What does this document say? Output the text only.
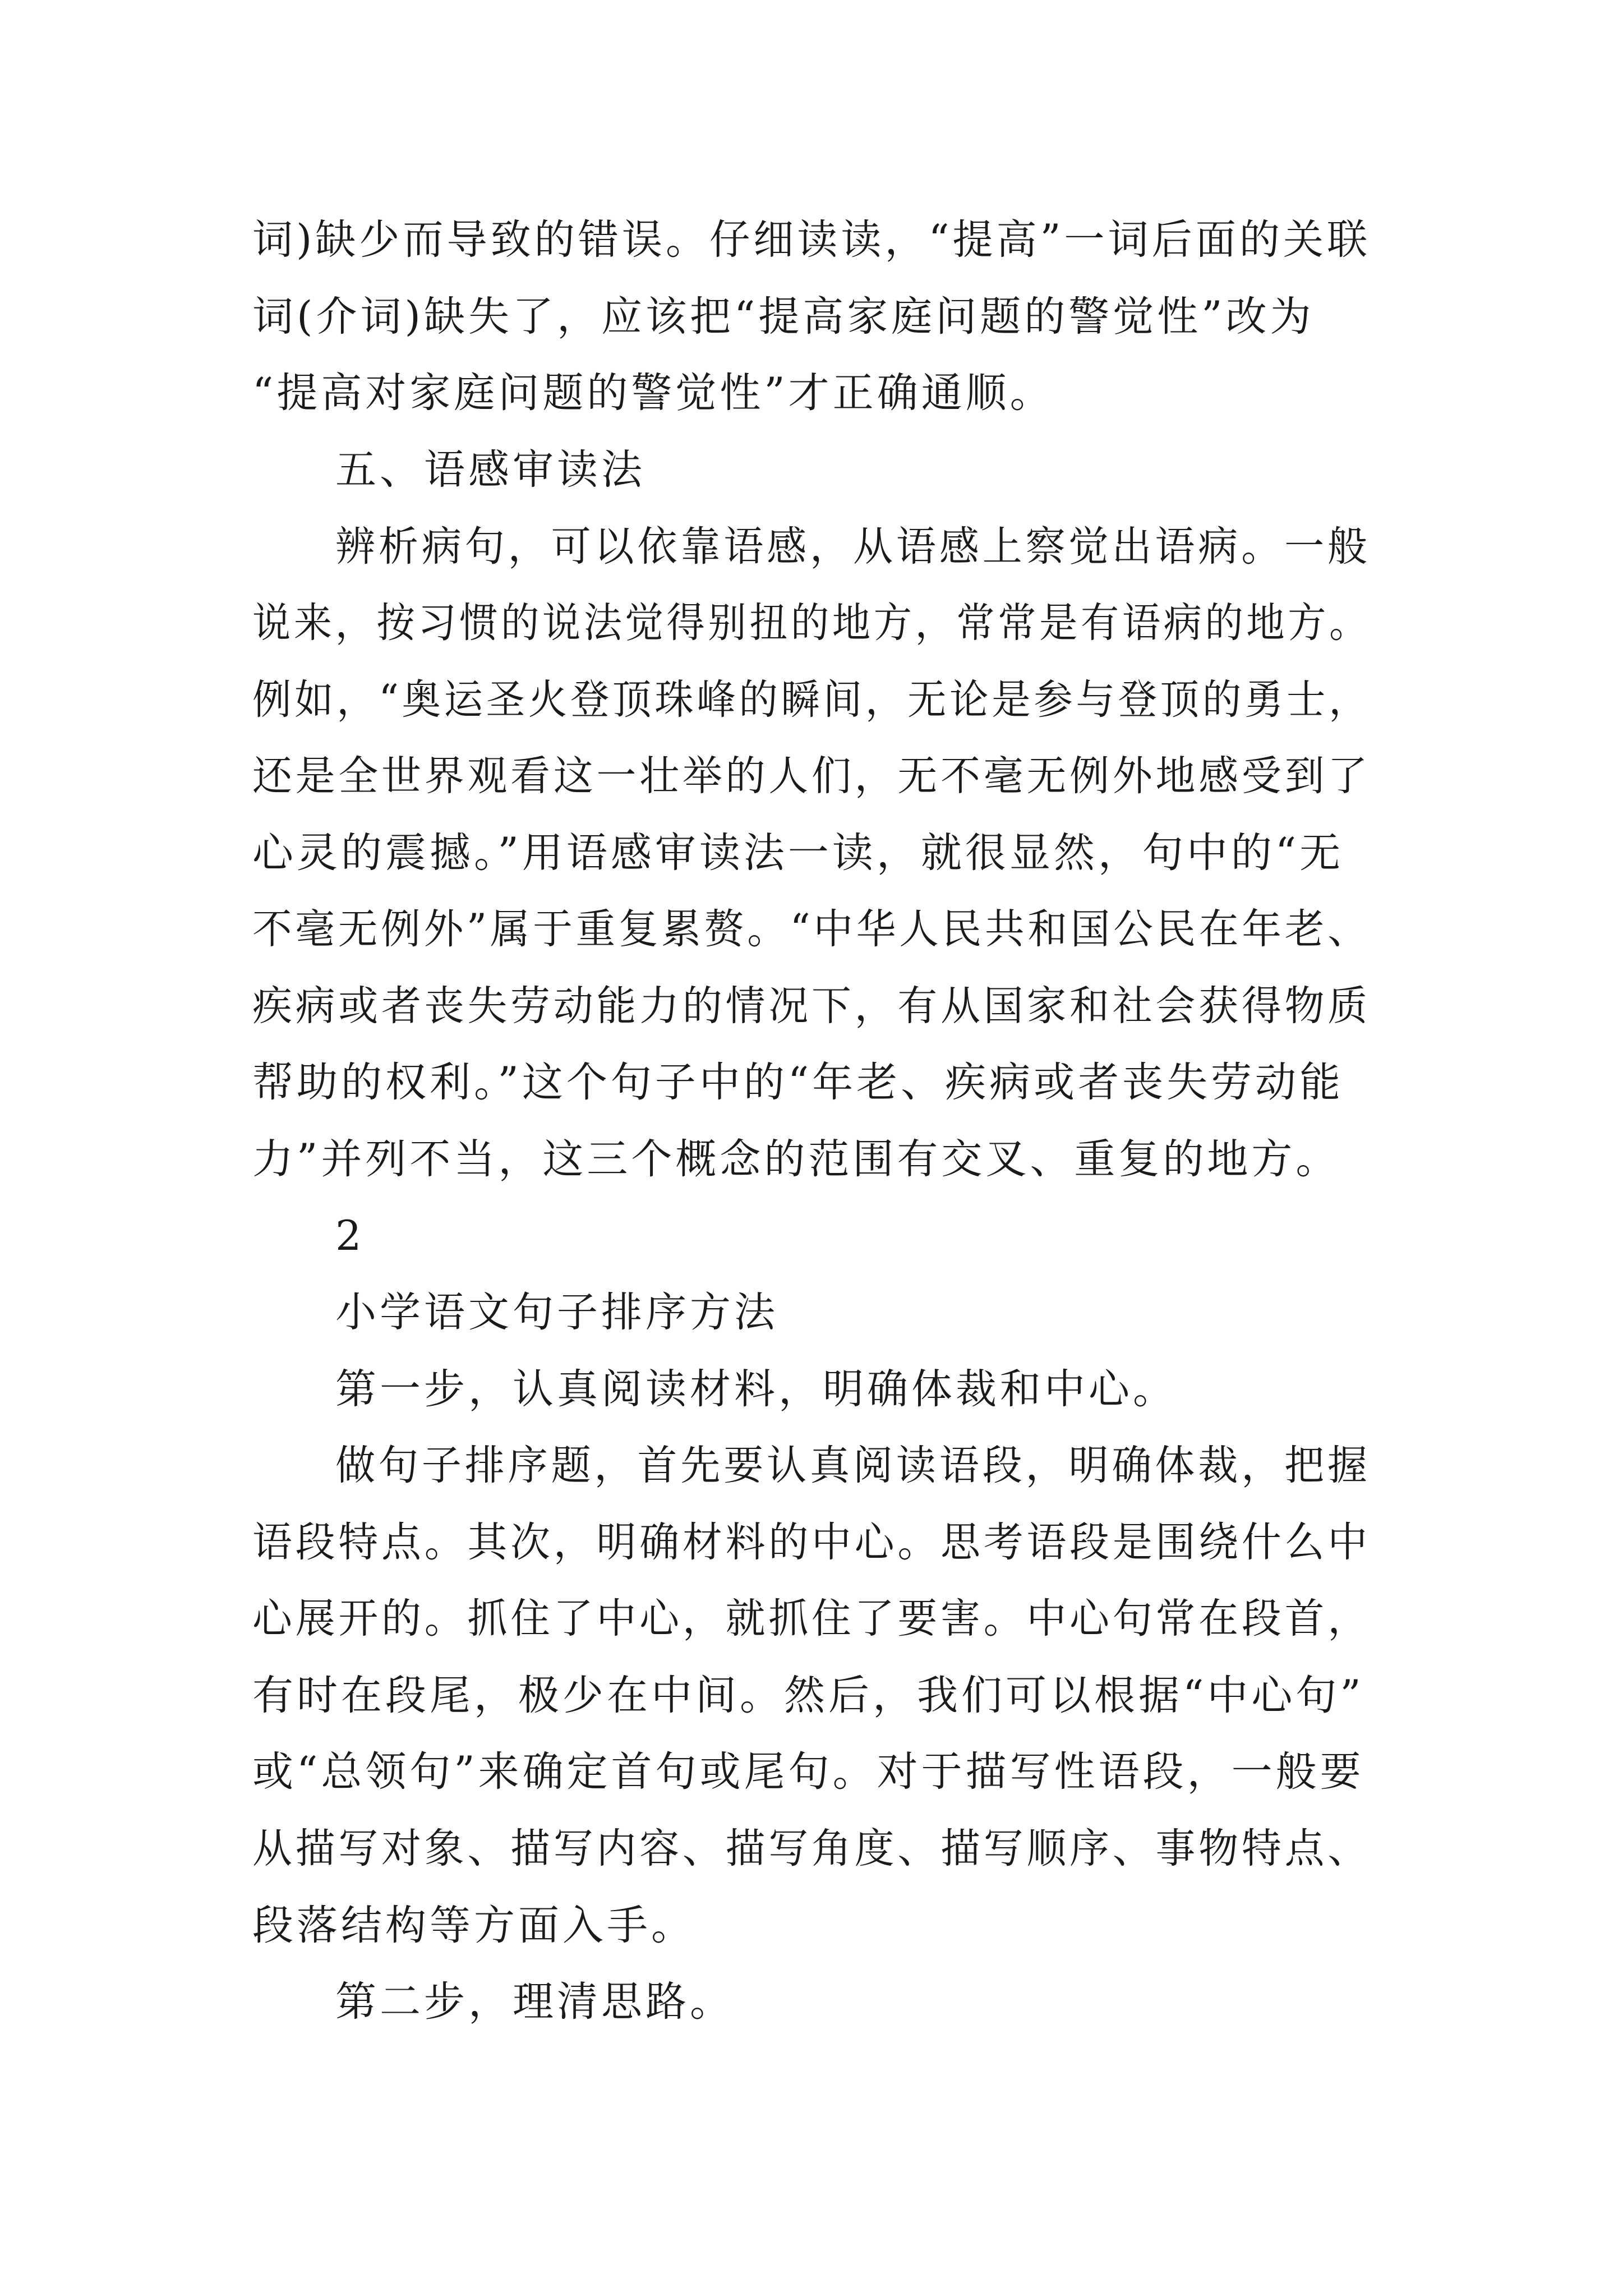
词)缺少而导致的错误。仔细读读，“提高”一词后面的关联
词(介词)缺失了，应该把“提高家庭问题的警觉性”改为
“提高对家庭问题的警觉性”才正确通顺。
五、语感审读法
辨析病句，可以依靠语感，从语感上察觉出语病。一般
说来，按习惯的说法觉得别扭的地方，常常是有语病的地方。
例如，“奥运圣火登顶珠峰的瞬间，无论是参与登顶的勇士，
还是全世界观看这一壮举的人们，无不毫无例外地感受到了
心灵的震撼。”用语感审读法一读，就很显然，句中的“无
不毫无例外”属于重复累赘。“中华人民共和国公民在年老、
疾病或者丧失劳动能力的情况下，有从国家和社会获得物质
帮助的权利。”这个句子中的“年老、疾病或者丧失劳动能
力”并列不当，这三个概念的范围有交叉、重复的地方。
2
小学语文句子排序方法
第一步，认真阅读材料，明确体裁和中心。
做句子排序题，首先要认真阅读语段，明确体裁，把握
语段特点。其次，明确材料的中心。思考语段是围绕什么中
心展开的。抓住了中心，就抓住了要害。中心句常在段首，
有时在段尾，极少在中间。然后，我们可以根据“中心句”
或“总领句”来确定首句或尾句。对于描写性语段，一般要
从描写对象、描写内容、描写角度、描写顺序、事物特点、
段落结构等方面入手。
第二步，理清思路。
